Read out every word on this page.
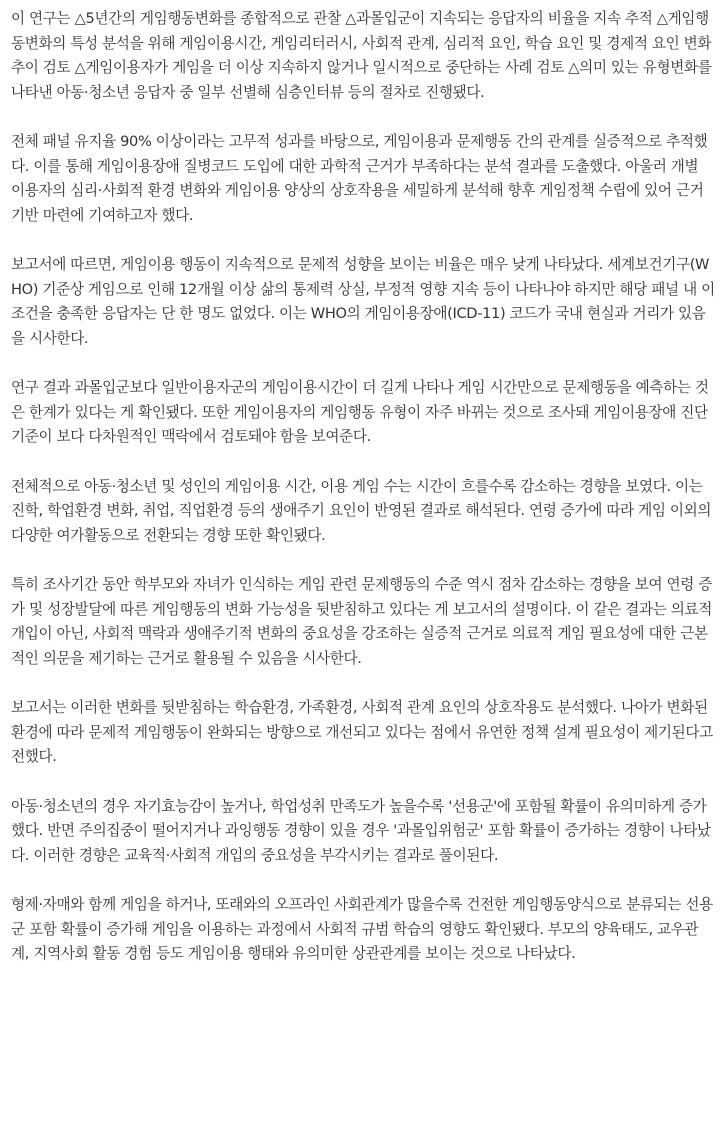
이 연구는 △5년간의 게임행동변화를 종합적으로 관찰 △과몰입군이 지속되는 응답자의 비율을 지속 추적 △게임행동변화의 특성 분석을 위해 게임이용시간, 게임리터러시, 사회적 관계, 심리적 요인, 학습 요인 및 경제적 요인 변화 추이 검토 △게임이용자가 게임을 더 이상 지속하지 않거나 일시적으로 중단하는 사례 검토 △의미 있는 유형변화를 나타낸 아동·청소년 응답자 중 일부 선별해 심층인터뷰 등의 절차로 진행됐다.

전체 패널 유지율 90% 이상이라는 고무적 성과를 바탕으로, 게임이용과 문제행동 간의 관계를 실증적으로 추적했다. 이를 통해 게임이용장애 질병코드 도입에 대한 과학적 근거가 부족하다는 분석 결과를 도출했다. 아울러 개별 이용자의 심리·사회적 환경 변화와 게임이용 양상의 상호작용을 세밀하게 분석해 향후 게임정책 수립에 있어 근거 기반 마련에 기여하고자 했다.

보고서에 따르면, 게임이용 행동이 지속적으로 문제적 성향을 보이는 비율은 매우 낮게 나타났다. 세계보건기구(WHO) 기준상 게임으로 인해 12개월 이상 삶의 통제력 상실, 부정적 영향 지속 등이 나타나야 하지만 해당 패널 내 이 조건을 충족한 응답자는 단 한 명도 없었다. 이는 WHO의 게임이용장애(ICD-11) 코드가 국내 현실과 거리가 있음을 시사한다.

연구 결과 과몰입군보다 일반이용자군의 게임이용시간이 더 길게 나타나 게임 시간만으로 문제행동을 예측하는 것은 한계가 있다는 게 확인됐다. 또한 게임이용자의 게임행동 유형이 자주 바뀌는 것으로 조사돼 게임이용장애 진단 기준이 보다 다차원적인 맥락에서 검토돼야 함을 보여준다.

전체적으로 아동·청소년 및 성인의 게임이용 시간, 이용 게임 수는 시간이 흐를수록 감소하는 경향을 보였다. 이는 진학, 학업환경 변화, 취업, 직업환경 등의 생애주기 요인이 반영된 결과로 해석된다. 연령 증가에 따라 게임 이외의 다양한 여가활동으로 전환되는 경향 또한 확인됐다.

특히 조사기간 동안 학부모와 자녀가 인식하는 게임 관련 문제행동의 수준 역시 점차 감소하는 경향을 보여 연령 증가 및 성장발달에 따른 게임행동의 변화 가능성을 뒷받침하고 있다는 게 보고서의 설명이다. 이 같은 결과는 의료적 개입이 아닌, 사회적 맥락과 생애주기적 변화의 중요성을 강조하는 실증적 근거로 의료적 게임 필요성에 대한 근본적인 의문을 제기하는 근거로 활용될 수 있음을 시사한다.

보고서는 이러한 변화를 뒷받침하는 학습환경, 가족환경, 사회적 관계 요인의 상호작용도 분석했다. 나아가 변화된 환경에 따라 문제적 게임행동이 완화되는 방향으로 개선되고 있다는 점에서 유연한 정책 설계 필요성이 제기된다고 전했다.

아동·청소년의 경우 자기효능감이 높거나, 학업성취 만족도가 높을수록 '선용군'에 포함될 확률이 유의미하게 증가했다. 반면 주의집중이 떨어지거나 과잉행동 경향이 있을 경우 '과몰입위험군' 포함 확률이 증가하는 경향이 나타났다. 이러한 경향은 교육적·사회적 개입의 중요성을 부각시키는 결과로 풀이된다.

형제·자매와 함께 게임을 하거나, 또래와의 오프라인 사회관계가 많을수록 건전한 게임행동양식으로 분류되는 선용군 포함 확률이 증가해 게임을 이용하는 과정에서 사회적 규범 학습의 영향도 확인됐다. 부모의 양육태도, 교우관계, 지역사회 활동 경험 등도 게임이용 행태와 유의미한 상관관계를 보이는 것으로 나타났다.
